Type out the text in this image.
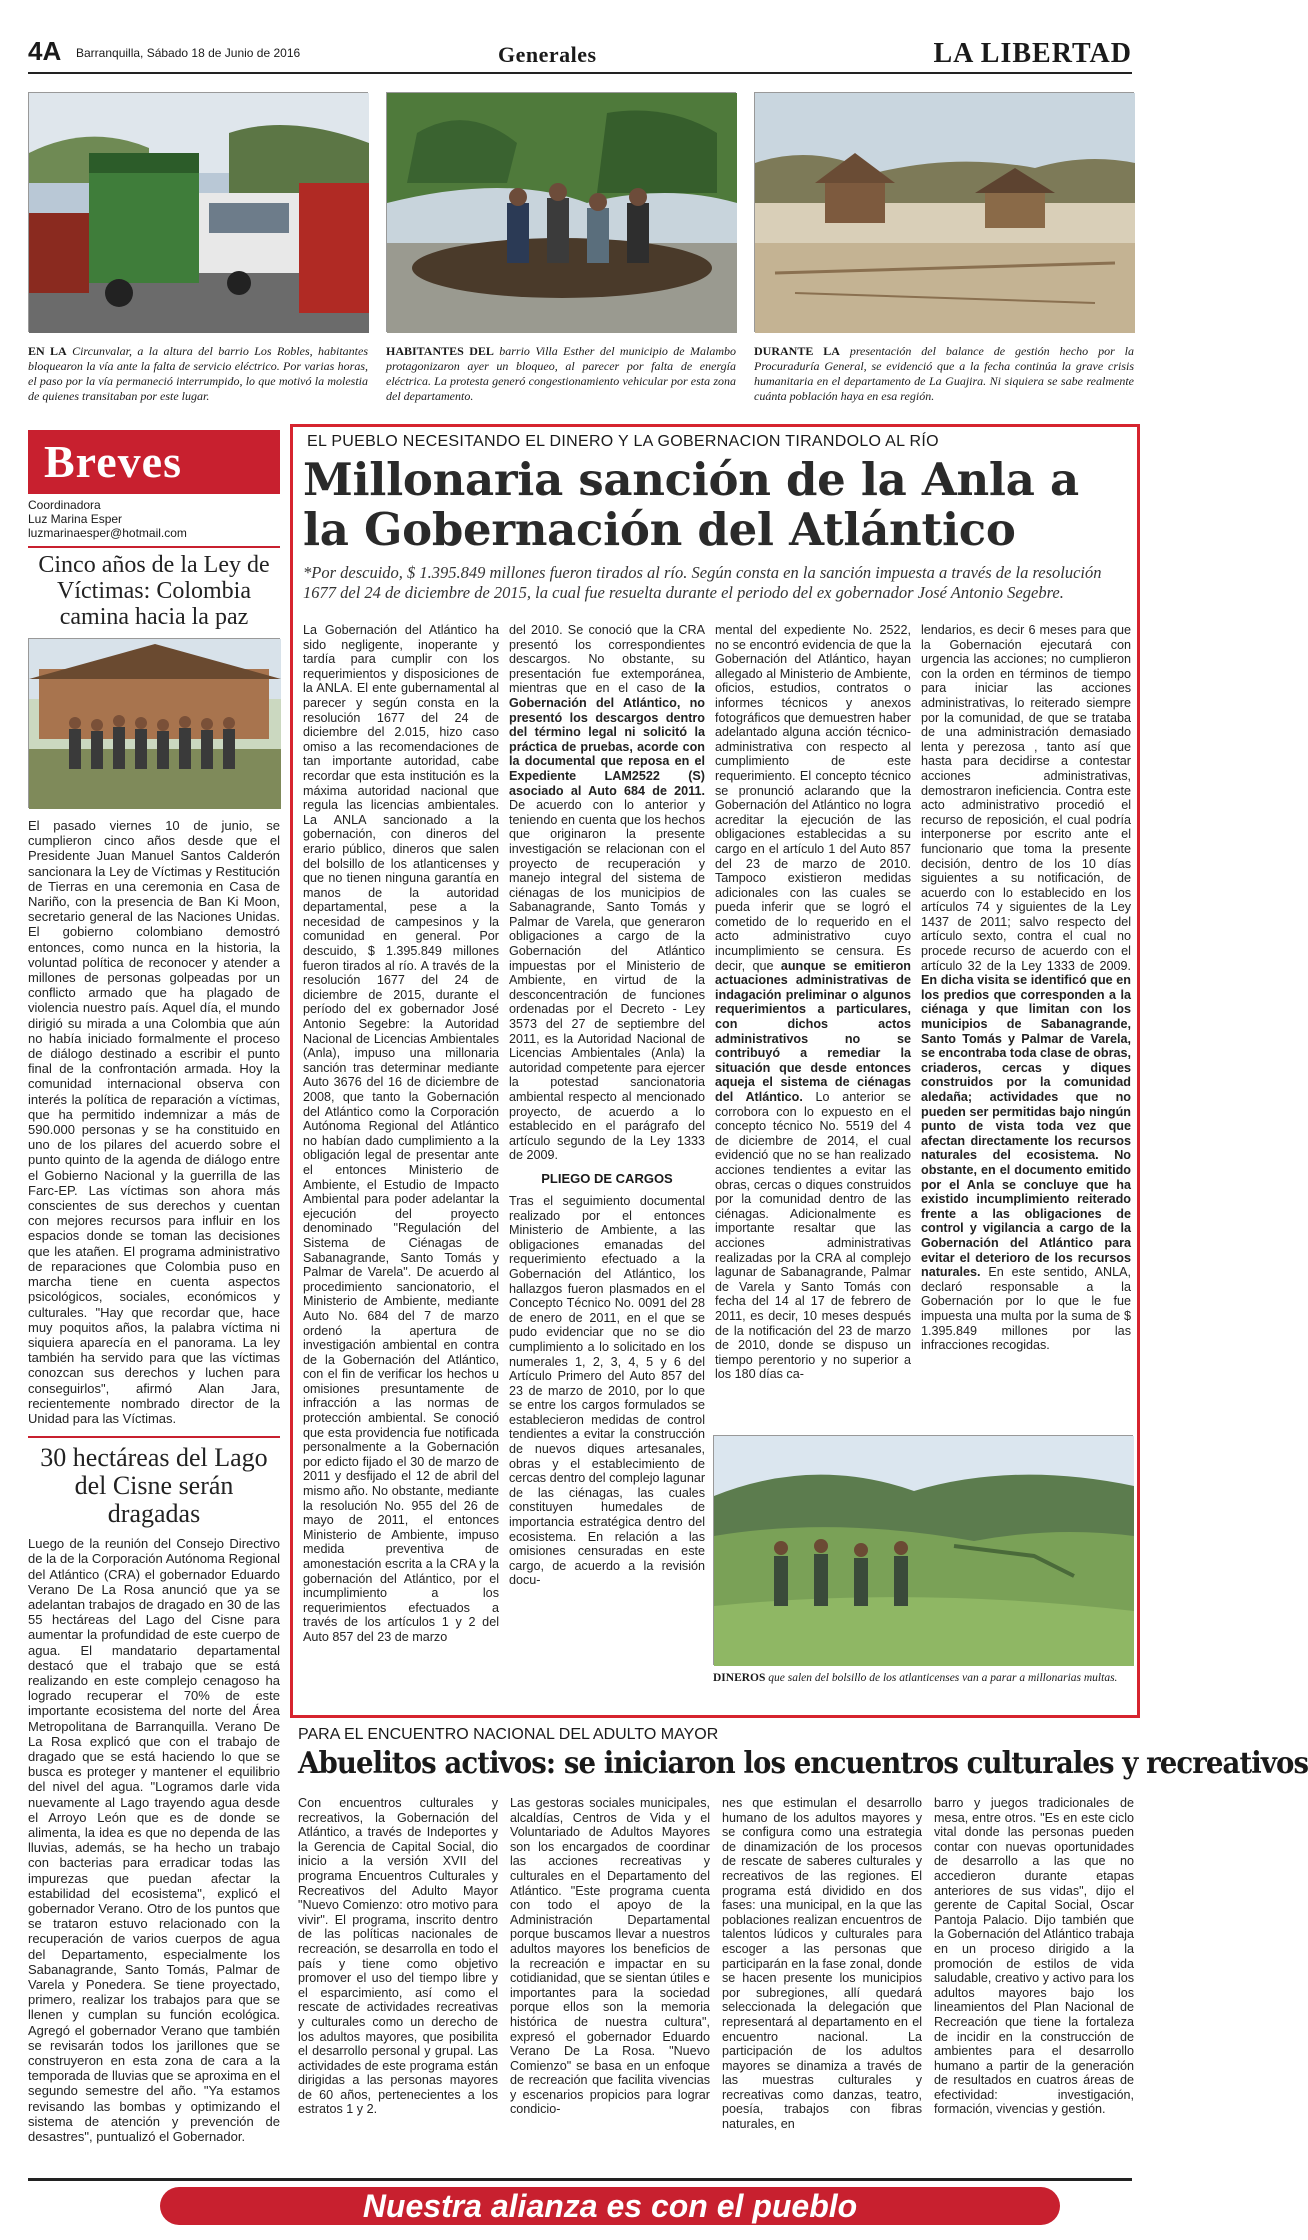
4A Barranquilla, Sábado 18 de Junio de 2016	Generales	LA LIBERTAD
EN LA Circunvalar, a la altura del barrio Los Robles, habitantes bloquearon la vía ante la falta de servicio eléctrico. Por varias horas, el paso por la vía permaneció interrumpido, lo que motivó la molestia de quienes transitaban por este lugar.
HABITANTES DEL barrio Villa Esther del municipio de Malambo protagonizaron ayer un bloqueo, al parecer por falta de energía eléctrica. La protesta generó congestionamiento vehicular por esta zona del departamento.
DURANTE LA presentación del balance de gestión hecho por la Procuraduría General, se evidenció que a la fecha continúa la grave crisis humanitaria en el departamento de La Guajira. Ni siquiera se sabe realmente cuánta población haya en esa región.
Breves
Coordinadora
Luz Marina Esper
luzmarinaesper@hotmail.com
Cinco años de la Ley de Víctimas: Colombia camina hacia la paz
El pasado viernes 10 de junio, se cumplieron cinco años desde que el Presidente Juan Manuel Santos Calderón sancionara la Ley de Víctimas y Restitución de Tierras en una ceremonia en Casa de Nariño, con la presencia de Ban Ki Moon, secretario general de las Naciones Unidas. El gobierno colombiano demostró entonces, como nunca en la historia, la voluntad política de reconocer y atender a millones de personas golpeadas por un conflicto armado que ha plagado de violencia nuestro país. Aquel día, el mundo dirigió su mirada a una Colombia que aún no había iniciado formalmente el proceso de diálogo destinado a escribir el punto final de la confrontación armada. Hoy la comunidad internacional observa con interés la política de reparación a víctimas, que ha permitido indemnizar a más de 590.000 personas y se ha constituido en uno de los pilares del acuerdo sobre el punto quinto de la agenda de diálogo entre el Gobierno Nacional y la guerrilla de las Farc-EP. Las víctimas son ahora más conscientes de sus derechos y cuentan con mejores recursos para influir en los espacios donde se toman las decisiones que les atañen. El programa administrativo de reparaciones que Colombia puso en marcha tiene en cuenta aspectos psicológicos, sociales, económicos y culturales. "Hay que recordar que, hace muy poquitos años, la palabra víctima ni siquiera aparecía en el panorama. La ley también ha servido para que las víctimas conozcan sus derechos y luchen para conseguirlos", afirmó Alan Jara, recientemente nombrado director de la Unidad para las Víctimas.
30 hectáreas del Lago del Cisne serán dragadas
Luego de la reunión del Consejo Directivo de la de la Corporación Autónoma Regional del Atlántico (CRA) el gobernador Eduardo Verano De La Rosa anunció que ya se adelantan trabajos de dragado en 30 de las 55 hectáreas del Lago del Cisne para aumentar la profundidad de este cuerpo de agua. El mandatario departamental destacó que el trabajo que se está realizando en este complejo cenagoso ha logrado recuperar el 70% de este importante ecosistema del norte del Área Metropolitana de Barranquilla. Verano De La Rosa explicó que con el trabajo de dragado que se está haciendo lo que se busca es proteger y mantener el equilibrio del nivel del agua. "Logramos darle vida nuevamente al Lago trayendo agua desde el Arroyo León que es de donde se alimenta, la idea es que no dependa de las lluvias, además, se ha hecho un trabajo con bacterias para erradicar todas las impurezas que puedan afectar la estabilidad del ecosistema", explicó el gobernador Verano. Otro de los puntos que se trataron estuvo relacionado con la recuperación de varios cuerpos de agua del Departamento, especialmente los Sabanagrande, Santo Tomás, Palmar de Varela y Ponedera. Se tiene proyectado, primero, realizar los trabajos para que se llenen y cumplan su función ecológica. Agregó el gobernador Verano que también se revisarán todos los jarillones que se construyeron en esta zona de cara a la temporada de lluvias que se aproxima en el segundo semestre del año. "Ya estamos revisando las bombas y optimizando el sistema de atención y prevención de desastres", puntualizó el Gobernador.
EL PUEBLO NECESITANDO EL DINERO Y LA GOBERNACION TIRANDOLO AL RÍO
Millonaria sanción de la Anla a la Gobernación del Atlántico
*Por descuido, $ 1.395.849 millones fueron tirados al río. Según consta en la sanción impuesta a través de la resolución 1677 del 24 de diciembre de 2015, la cual fue resuelta durante el periodo del ex gobernador José Antonio Segebre.
La Gobernación del Atlántico ha sido negligente, inoperante y tardía para cumplir con los requerimientos y disposiciones de la ANLA. El ente gubernamental al parecer y según consta en la resolución 1677 del 24 de diciembre del 2.015, hizo caso omiso a las recomendaciones de tan importante autoridad, cabe recordar que esta institución es la máxima autoridad nacional que regula las licencias ambientales. La ANLA sancionado a la gobernación, con dineros del erario público, dineros que salen del bolsillo de los atlanticenses y que no tienen ninguna garantía en manos de la autoridad departamental, pese a la necesidad de campesinos y la comunidad en general. Por descuido, $ 1.395.849 millones fueron tirados al río. A través de la resolución 1677 del 24 de diciembre de 2015, durante el período del ex gobernador José Antonio Segebre: la Autoridad Nacional de Licencias Ambientales (Anla), impuso una millonaria sanción tras determinar mediante Auto 3676 del 16 de diciembre de 2008, que tanto la Gobernación del Atlántico como la Corporación Autónoma Regional del Atlántico no habían dado cumplimiento a la obligación legal de presentar ante el entonces Ministerio de Ambiente, el Estudio de Impacto Ambiental para poder adelantar la ejecución del proyecto denominado "Regulación del Sistema de Ciénagas de Sabanagrande, Santo Tomás y Palmar de Varela". De acuerdo al procedimiento sancionatorio, el Ministerio de Ambiente, mediante Auto No. 684 del 7 de marzo ordenó la apertura de investigación ambiental en contra de la Gobernación del Atlántico, con el fin de verificar los hechos u omisiones presuntamente de infracción a las normas de protección ambiental. Se conoció que esta providencia fue notificada personalmente a la Gobernación por edicto fijado el 30 de marzo de 2011 y desfijado el 12 de abril del mismo año. No obstante, mediante la resolución No. 955 del 26 de mayo de 2011, el entonces Ministerio de Ambiente, impuso medida preventiva de amonestación escrita a la CRA y la gobernación del Atlántico, por el incumplimiento a los requerimientos efectuados a través de los artículos 1 y 2 del Auto 857 del 23 de marzo
del 2010. Se conoció que la CRA presentó los correspondientes descargos. No obstante, su presentación fue extemporánea, mientras que en el caso de la Gobernación del Atlántico, no presentó los descargos dentro del término legal ni solicitó la práctica de pruebas, acorde con la documental que reposa en el Expediente LAM2522 (S) asociado al Auto 684 de 2011. De acuerdo con lo anterior y teniendo en cuenta que los hechos que originaron la presente investigación se relacionan con el proyecto de recuperación y manejo integral del sistema de ciénagas de los municipios de Sabanagrande, Santo Tomás y Palmar de Varela, que generaron obligaciones a cargo de la Gobernación del Atlántico impuestas por el Ministerio de Ambiente, en virtud de la desconcentración de funciones ordenadas por el Decreto - Ley 3573 del 27 de septiembre del 2011, es la Autoridad Nacional de Licencias Ambientales (Anla) la autoridad competente para ejercer la potestad sancionatoria ambiental respecto al mencionado proyecto, de acuerdo a lo establecido en el parágrafo del artículo segundo de la Ley 1333 de 2009.
PLIEGO DE CARGOS
Tras el seguimiento documental realizado por el entonces Ministerio de Ambiente, a las obligaciones emanadas del requerimiento efectuado a la Gobernación del Atlántico, los hallazgos fueron plasmados en el Concepto Técnico No. 0091 del 28 de enero de 2011, en el que se pudo evidenciar que no se dio cumplimiento a lo solicitado en los numerales 1, 2, 3, 4, 5 y 6 del Artículo Primero del Auto 857 del 23 de marzo de 2010, por lo que se entre los cargos formulados se establecieron medidas de control tendientes a evitar la construcción de nuevos diques artesanales, obras y el establecimiento de cercas dentro del complejo lagunar de las ciénagas, las cuales constituyen humedales de importancia estratégica dentro del ecosistema. En relación a las omisiones censuradas en este cargo, de acuerdo a la revisión docu-
mental del expediente No. 2522, no se encontró evidencia de que la Gobernación del Atlántico, hayan allegado al Ministerio de Ambiente, oficios, estudios, contratos o informes técnicos y anexos fotográficos que demuestren haber adelantado alguna acción técnico-administrativa con respecto al cumplimiento de este requerimiento. El concepto técnico se pronunció aclarando que la Gobernación del Atlántico no logra acreditar la ejecución de las obligaciones establecidas a su cargo en el artículo 1 del Auto 857 del 23 de marzo de 2010. Tampoco existieron medidas adicionales con las cuales se pueda inferir que se logró el cometido de lo requerido en el acto administrativo cuyo incumplimiento se censura. Es decir, que aunque se emitieron actuaciones administrativas de indagación preliminar o algunos requerimientos a particulares, con dichos actos administrativos no se contribuyó a remediar la situación que desde entonces aqueja el sistema de ciénagas del Atlántico. Lo anterior se corrobora con lo expuesto en el concepto técnico No. 5519 del 4 de diciembre de 2014, el cual evidenció que no se han realizado acciones tendientes a evitar las obras, cercas o diques construidos por la comunidad dentro de las ciénagas. Adicionalmente es importante resaltar que las acciones administrativas realizadas por la CRA al complejo lagunar de Sabanagrande, Palmar de Varela y Santo Tomás con fecha del 14 al 17 de febrero de 2011, es decir, 10 meses después de la notificación del 23 de marzo de 2010, donde se dispuso un tiempo perentorio y no superior a los 180 días ca-
lendarios, es decir 6 meses para que la Gobernación ejecutará con urgencia las acciones; no cumplieron con la orden en términos de tiempo para iniciar las acciones administrativas, lo reiterado siempre por la comunidad, de que se trataba de una administración demasiado lenta y perezosa , tanto así que hasta para decidirse a contestar acciones administrativas, demostraron ineficiencia. Contra este acto administrativo procedió el recurso de reposición, el cual podría interponerse por escrito ante el funcionario que toma la presente decisión, dentro de los 10 días siguientes a su notificación, de acuerdo con lo establecido en los artículos 74 y siguientes de la Ley 1437 de 2011; salvo respecto del artículo sexto, contra el cual no procede recurso de acuerdo con el artículo 32 de la Ley 1333 de 2009. En dicha visita se identificó que en los predios que corresponden a la ciénaga y que limitan con los municipios de Sabanagrande, Santo Tomás y Palmar de Varela, se encontraba toda clase de obras, criaderos, cercas y diques construidos por la comunidad aledaña; actividades que no pueden ser permitidas bajo ningún punto de vista toda vez que afectan directamente los recursos naturales del ecosistema. No obstante, en el documento emitido por el Anla se concluye que ha existido incumplimiento reiterado frente a las obligaciones de control y vigilancia a cargo de la Gobernación del Atlántico para evitar el deterioro de los recursos naturales. En este sentido, ANLA, declaró responsable a la Gobernación por lo que le fue impuesta una multa por la suma de $ 1.395.849 millones por las infracciones recogidas.
DINEROS que salen del bolsillo de los atlanticenses van a parar a millonarias multas.
PARA EL ENCUENTRO NACIONAL DEL ADULTO MAYOR
Abuelitos activos: se iniciaron los encuentros culturales y recreativos
Con encuentros culturales y recreativos, la Gobernación del Atlántico, a través de Indeportes y la Gerencia de Capital Social, dio inicio a la versión XVII del programa Encuentros Culturales y Recreativos del Adulto Mayor "Nuevo Comienzo: otro motivo para vivir". El programa, inscrito dentro de las políticas nacionales de recreación, se desarrolla en todo el país y tiene como objetivo promover el uso del tiempo libre y el esparcimiento, así como el rescate de actividades recreativas y culturales como un derecho de los adultos mayores, que posibilita el desarrollo personal y grupal. Las actividades de este programa están dirigidas a las personas mayores de 60 años, pertenecientes a los estratos 1 y 2.
Las gestoras sociales municipales, alcaldías, Centros de Vida y el Voluntariado de Adultos Mayores son los encargados de coordinar las acciones recreativas y culturales en el Departamento del Atlántico. "Este programa cuenta con todo el apoyo de la Administración Departamental porque buscamos llevar a nuestros adultos mayores los beneficios de la recreación e impactar en su cotidianidad, que se sientan útiles e importantes para la sociedad porque ellos son la memoria histórica de nuestra cultura", expresó el gobernador Eduardo Verano De La Rosa. "Nuevo Comienzo" se basa en un enfoque de recreación que facilita vivencias y escenarios propicios para lograr condicio-
nes que estimulan el desarrollo humano de los adultos mayores y se configura como una estrategia de dinamización de los procesos de rescate de saberes culturales y recreativos de las regiones. El programa está dividido en dos fases: una municipal, en la que las poblaciones realizan encuentros de talentos lúdicos y culturales para escoger a las personas que participarán en la fase zonal, donde se hacen presente los municipios por subregiones, allí quedará seleccionada la delegación que representará al departamento en el encuentro nacional. La participación de los adultos mayores se dinamiza a través de las muestras culturales y recreativas como danzas, teatro, poesía, trabajos con fibras naturales, en
barro y juegos tradicionales de mesa, entre otros. "Es en este ciclo vital donde las personas pueden contar con nuevas oportunidades de desarrollo a las que no accedieron durante etapas anteriores de sus vidas", dijo el gerente de Capital Social, Oscar Pantoja Palacio. Dijo también que la Gobernación del Atlántico trabaja en un proceso dirigido a la promoción de estilos de vida saludable, creativo y activo para los adultos mayores bajo los lineamientos del Plan Nacional de Recreación que tiene la fortaleza de incidir en la construcción de ambientes para el desarrollo humano a partir de la generación de resultados en cuatros áreas de efectividad: investigación, formación, vivencias y gestión.
Nuestra alianza es con el pueblo
